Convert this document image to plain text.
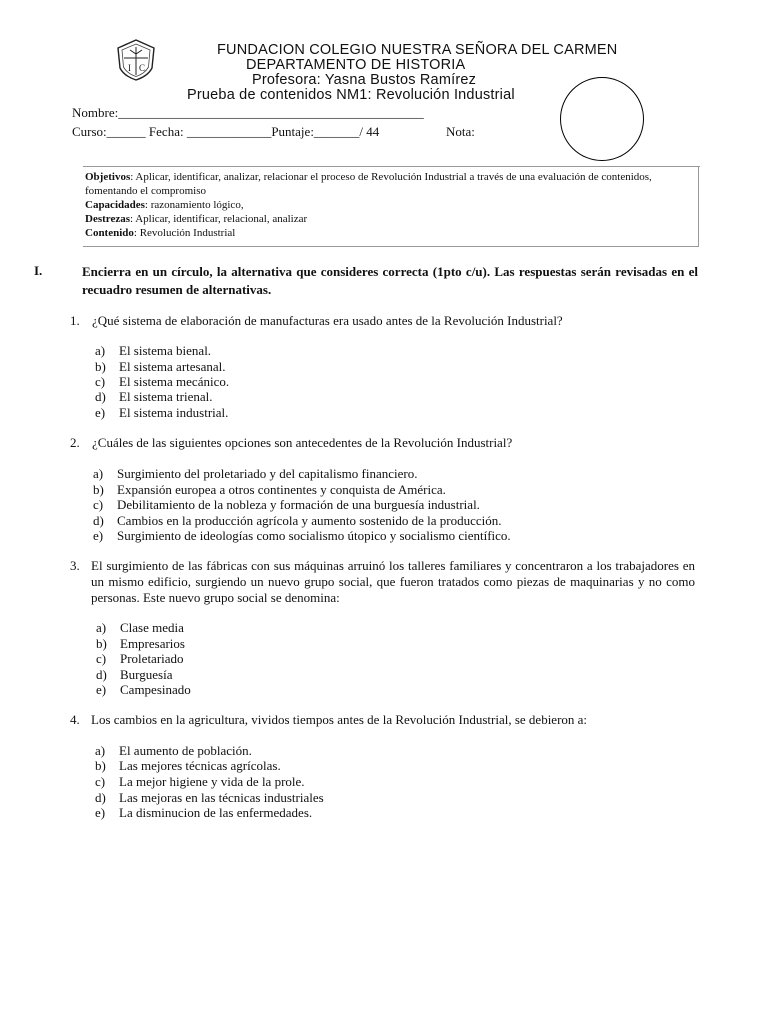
I C
FUNDACION COLEGIO NUESTRA SEÑORA DEL CARMEN
DEPARTAMENTO DE HISTORIA
Profesora: Yasna Bustos Ramírez
Prueba de contenidos NM1: Revolución Industrial
Nombre:_______________________________________________
Curso:______ Fecha: _____________Puntaje:_______/ 44	Nota:

Objetivos: Aplicar, identificar, analizar, relacionar el proceso de Revolución Industrial a través de una evaluación de contenidos, fomentando el compromiso

Capacidades: razonamiento lógico,

Destrezas: Aplicar, identificar, relacional, analizar

Contenido: Revolución Industrial

I.	Encierra en un círculo, la alternativa que consideres correcta (1pto c/u). Las respuestas serán revisadas en el recuadro resumen de alternativas.
1. ¿Qué sistema de elaboración de manufacturas era usado antes de la Revolución Industrial?
a) El sistema bienal.
b) El sistema artesanal.
c) El sistema mecánico.
d) El sistema trienal.
e) El sistema industrial.
2. ¿Cuáles de las siguientes opciones son antecedentes de la Revolución Industrial?
a) Surgimiento del proletariado y del capitalismo financiero.
b) Expansión europea a otros continentes y conquista de América.
c) Debilitamiento de la nobleza y formación de una burguesía industrial.
d) Cambios en la producción agrícola y aumento sostenido de la producción.
e) Surgimiento de ideologías como socialismo útopico y socialismo científico.
3. El surgimiento de las fábricas con sus máquinas arruinó los talleres familiares y concentraron a los trabajadores en un mismo edificio, surgiendo un nuevo grupo social, que fueron tratados como piezas de maquinarias y no como personas. Este nuevo grupo social se denomina:
a) Clase media
b) Empresarios
c) Proletariado
d) Burguesía
e) Campesinado
4. Los cambios en la agricultura, vividos tiempos antes de la Revolución Industrial, se debieron a:
a) El aumento de población.
b) Las mejores técnicas agrícolas.
c) La mejor higiene y vida de la prole.
d) Las mejoras en las técnicas industriales
e) La disminucion de las enfermedades.
